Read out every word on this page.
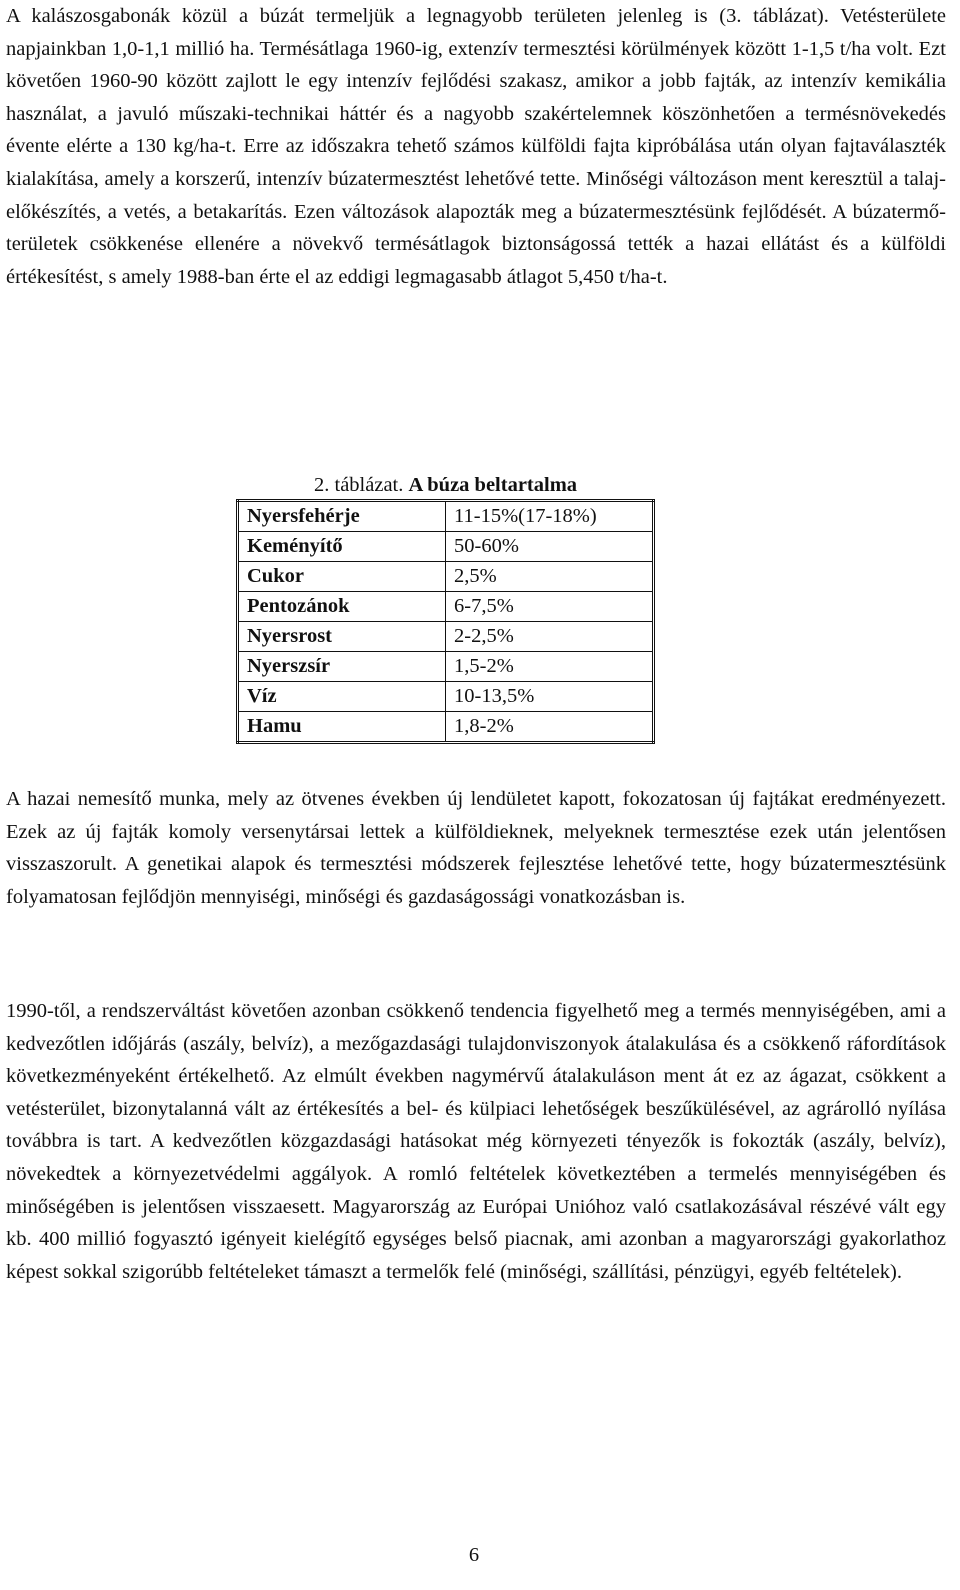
A kalászosgabonák közül a búzát termeljük a legnagyobb területen jelenleg is (3. táblázat). Vetésterülete napjainkban 1,0-1,1 millió ha. Termésátlaga 1960-ig, extenzív termesztési körülmények között 1-1,5 t/ha volt. Ezt követően 1960-90 között zajlott le egy intenzív fejlődési szakasz, amikor a jobb fajták, az intenzív kemikália használat, a javuló műszaki-technikai háttér és a nagyobb szakértelemnek köszönhetően a termésnövekedés évente elérte a 130 kg/ha-t. Erre az időszakra tehető számos külföldi fajta kipróbálása után olyan fajtaválaszték kialakítása, amely a korszerű, intenzív búzatermesztést lehetővé tette. Minőségi változáson ment keresztül a talaj-előkészítés, a vetés, a betakarítás. Ezen változások alapozták meg a búzatermesztésünk fejlődését. A búzatermő-területek csökkenése ellenére a növekvő termésátlagok biztonságossá tették a hazai ellátást és a külföldi értékesítést, s amely 1988-ban érte el az eddigi legmagasabb átlagot 5,450 t/ha-t.

2. táblázat. A búza beltartalma
Nyersfehérje	11-15%(17-18%)
Keményítő	50-60%
Cukor	2,5%
Pentozánok	6-7,5%
Nyersrost	2-2,5%
Nyerszsír	1,5-2%
Víz	10-13,5%
Hamu	1,8-2%

A hazai nemesítő munka, mely az ötvenes években új lendületet kapott, fokozatosan új fajtákat eredményezett. Ezek az új fajták komoly versenytársai lettek a külföldieknek, melyeknek termesztése ezek után jelentősen visszaszorult. A genetikai alapok és termesztési módszerek fejlesztése lehetővé tette, hogy búzatermesztésünk folyamatosan fejlődjön mennyiségi, minőségi és gazdaságossági vonatkozásban is.

1990-től, a rendszerváltást követően azonban csökkenő tendencia figyelhető meg a termés mennyiségében, ami a kedvezőtlen időjárás (aszály, belvíz), a mezőgazdasági tulajdonviszonyok átalakulása és a csökkenő ráfordítások következményeként értékelhető. Az elmúlt években nagymérvű átalakuláson ment át ez az ágazat, csökkent a vetésterület, bizonytalanná vált az értékesítés a bel- és külpiaci lehetőségek beszűkülésével, az agrárolló nyílása továbbra is tart. A kedvezőtlen közgazdasági hatásokat még környezeti tényezők is fokozták (aszály, belvíz), növekedtek a környezetvédelmi aggályok. A romló feltételek következtében a termelés mennyiségében és minőségében is jelentősen visszaesett. Magyarország az Európai Unióhoz való csatlakozásával részévé vált egy kb. 400 millió fogyasztó igényeit kielégítő egységes belső piacnak, ami azonban a magyarországi gyakorlathoz képest sokkal szigorúbb feltételeket támaszt a termelők felé (minőségi, szállítási, pénzügyi, egyéb feltételek).

6
